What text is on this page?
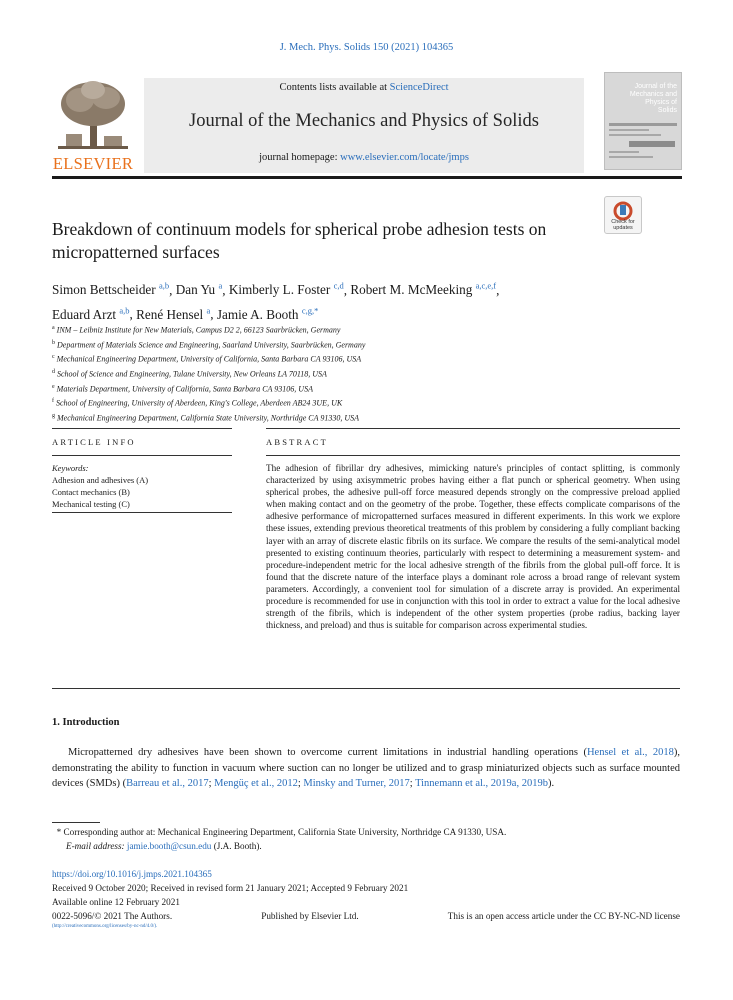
J. Mech. Phys. Solids 150 (2021) 104365
ELSEVIER
Contents lists available at ScienceDirect
Journal of the Mechanics and Physics of Solids
journal homepage: www.elsevier.com/locate/jmps
Journal of the Mechanics and Physics of Solids
Breakdown of continuum models for spherical probe adhesion tests on micropatterned surfaces
Check for updates
Simon Bettscheider $^{a,b}$, Dan Yu $^a$, Kimberly L. Foster $^{c,d}$, Robert M. McMeeking $^{a,c,e,f}$,
Eduard Arzt $^{a,b}$, René Hensel $^a$, Jamie A. Booth $^{c,g,*}$
$^a$ INM – Leibniz Institute for New Materials, Campus D2 2, 66123 Saarbrücken, Germany
$^b$ Department of Materials Science and Engineering, Saarland University, Saarbrücken, Germany
$^c$ Mechanical Engineering Department, University of California, Santa Barbara CA 93106, USA
$^d$ School of Science and Engineering, Tulane University, New Orleans LA 70118, USA
$^e$ Materials Department, University of California, Santa Barbara CA 93106, USA
$^f$ School of Engineering, University of Aberdeen, King's College, Aberdeen AB24 3UE, UK
$^g$ Mechanical Engineering Department, California State University, Northridge CA 91330, USA
ARTICLE INFO	ABSTRACT
Keywords:
Adhesion and adhesives (A)
Contact mechanics (B)
Mechanical testing (C)
The adhesion of fibrillar dry adhesives, mimicking nature's principles of contact splitting, is commonly characterized by using axisymmetric probes having either a flat punch or spherical geometry. When using spherical probes, the adhesive pull-off force measured depends strongly on the compressive preload applied when making contact and on the geometry of the probe. Together, these effects complicate comparisons of the adhesive performance of micropatterned surfaces measured in different experiments. In this work we explore these issues, extending previous theoretical treatments of this problem by considering a fully compliant backing layer with an array of discrete elastic fibrils on its surface. We compare the results of the semi-analytical model presented to existing continuum theories, particularly with respect to determining a measurement system- and procedure-independent metric for the local adhesive strength of the fibrils from the global pull-off force. It is found that the discrete nature of the interface plays a dominant role across a broad range of relevant system parameters. Accordingly, a convenient tool for simulation of a discrete array is provided. An experimental procedure is recommended for use in conjunction with this tool in order to extract a value for the local adhesive strength of the fibrils, which is independent of the other system properties (probe radius, backing layer thickness, and preload) and thus is suitable for comparison across experimental studies.
1. Introduction
Micropatterned dry adhesives have been shown to overcome current limitations in industrial handling operations (Hensel et al., 2018), demonstrating the ability to function in vacuum where suction can no longer be utilized and to grasp miniaturized objects such as surface mounted devices (SMDs) (Barreau et al., 2017; Mengüç et al., 2012; Minsky and Turner, 2017; Tinnemann et al., 2019a, 2019b).
* Corresponding author at: Mechanical Engineering Department, California State University, Northridge CA 91330, USA.
E-mail address: jamie.booth@csun.edu (J.A. Booth).
https://doi.org/10.1016/j.jmps.2021.104365
Received 9 October 2020; Received in revised form 21 January 2021; Accepted 9 February 2021
Available online 12 February 2021
0022-5096/© 2021 The Authors.	Published by Elsevier Ltd.	This is an open access article under the CC BY-NC-ND license
(http://creativecommons.org/licenses/by-nc-nd/4.0/).
